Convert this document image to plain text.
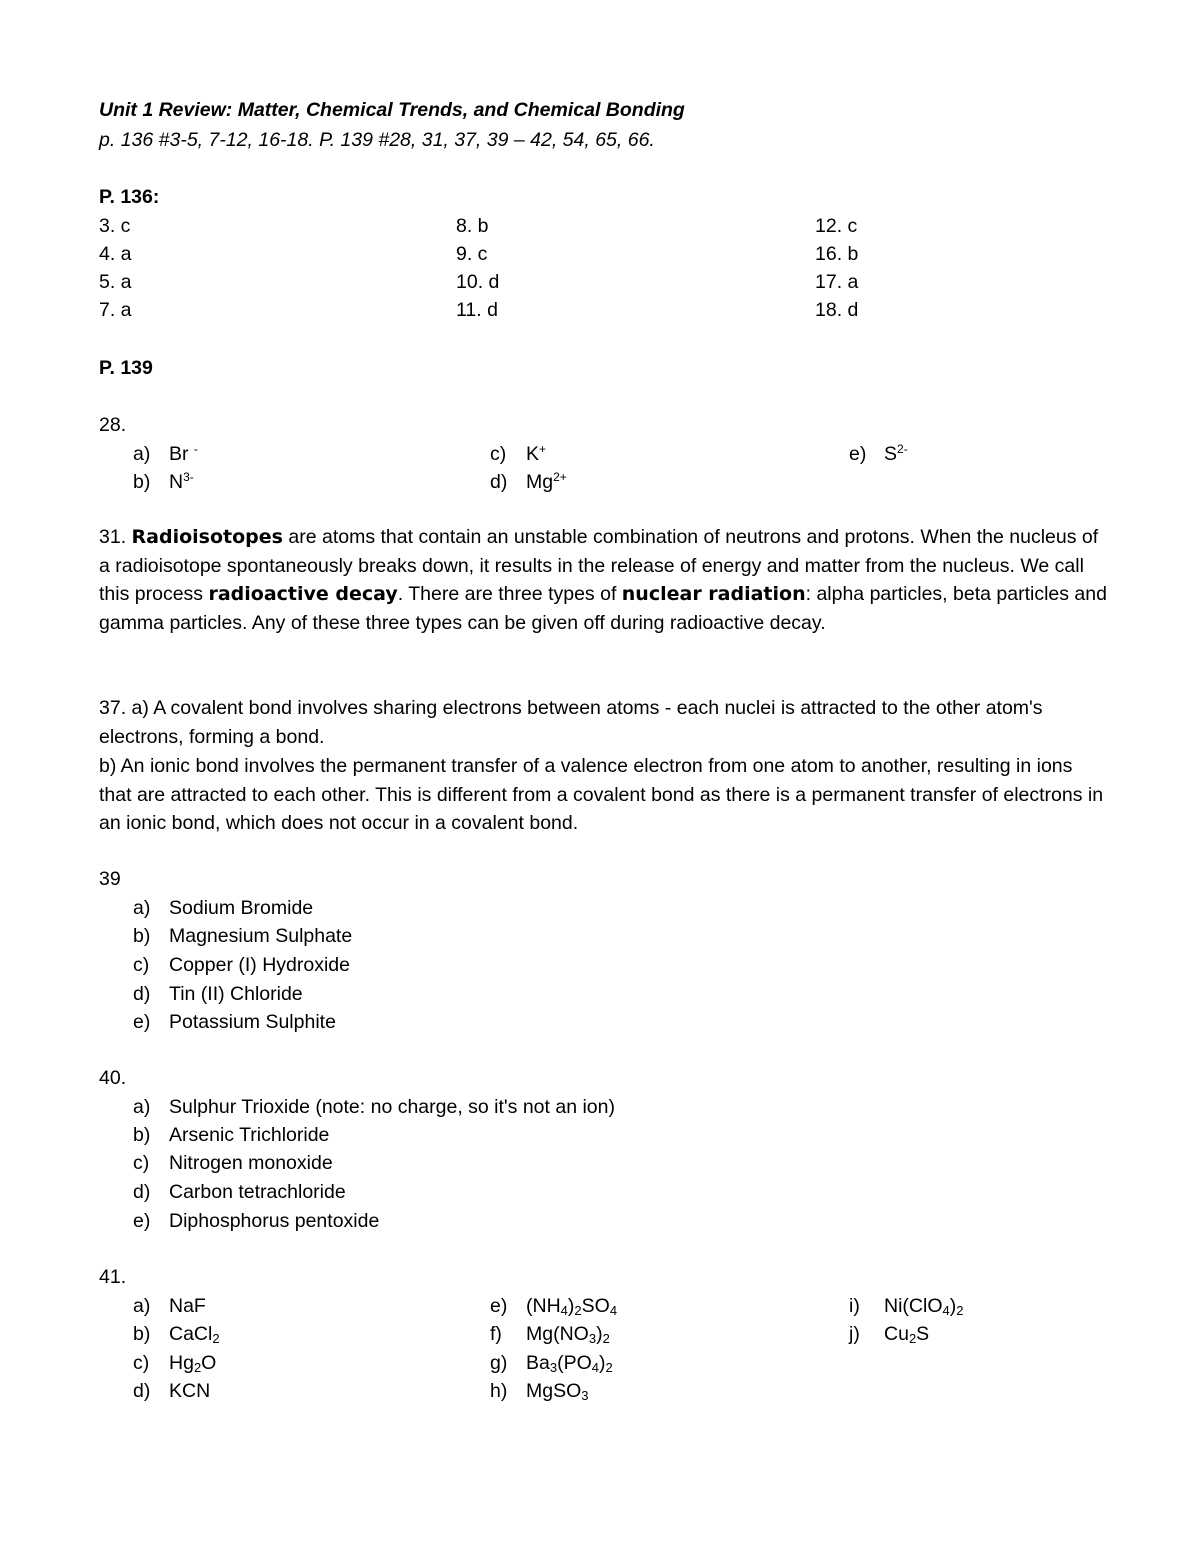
Unit 1 Review: Matter, Chemical Trends, and Chemical Bonding
p. 136 #3-5, 7-12, 16-18. P. 139 #28, 31, 37, 39 – 42, 54, 65, 66.
P. 136:
3. c
4. a
5. a
7. a
8. b
9. c
10. d
11. d
12. c
16. b
17. a
18. d
P. 139
28.
a) Br -
b) $N^{3-}$
c) K+
d) $Mg^{2+}$
e) $S^{2-}$
31. Radioisotopes are atoms that contain an unstable combination of neutrons and protons. When the nucleus of a radioisotope spontaneously breaks down, it results in the release of energy and matter from the nucleus. We call this process radioactive decay. There are three types of nuclear radiation: alpha particles, beta particles and gamma particles. Any of these three types can be given off during radioactive decay.
37. a) A covalent bond involves sharing electrons between atoms - each nuclei is attracted to the other atom's electrons, forming a bond.
b) An ionic bond involves the permanent transfer of a valence electron from one atom to another, resulting in ions that are attracted to each other. This is different from a covalent bond as there is a permanent transfer of electrons in an ionic bond, which does not occur in a covalent bond.
39
a) Sodium Bromide
b) Magnesium Sulphate
c) Copper (I) Hydroxide
d) Tin (II) Chloride
e) Potassium Sulphite
40.
a) Sulphur Trioxide (note: no charge, so it's not an ion)
b) Arsenic Trichloride
c) Nitrogen monoxide
d) Carbon tetrachloride
e) Diphosphorus pentoxide
41.
a) NaF
b) CaCl$_2$
c) $Hg_2O$
d) KCN
e) $(NH_4)_2SO_4$
f) $Mg(NO_3)_2$
g) $Ba_3(PO_4)_2$
h) MgSO$_3$
i) $Ni(ClO_4)_2$
j) $Cu_2S$
